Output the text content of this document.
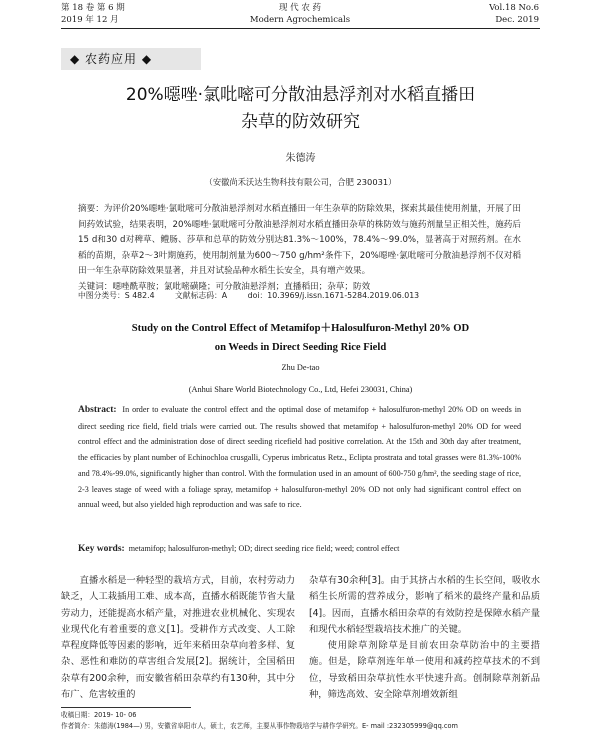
第 18 卷 第 6 期
2019 年 12 月
现 代 农 药
Modern Agrochemicals
Vol.18 No.6
Dec. 2019
◆ 农药应用 ◆
20%噁唑·氯吡嘧可分散油悬浮剂对水稻直播田
杂草的防效研究
朱德涛
（安徽尚禾沃达生物科技有限公司，合肥 230031）

摘要：为评价20%噁唑·氯吡嘧可分散油悬浮剂对水稻直播田一年生杂草的防除效果，探索其最佳使用剂量，开展了田间药效试验，结果表明，20%噁唑·氯吡嘧可分散油悬浮剂对水稻直播田杂草的株防效与施药剂量呈正相关性，施药后15 d和30 d对稗草、鳢肠、莎草和总草的防效分别达81.3%～100%，78.4%～99.0%，显著高于对照药剂。在水稻的苗期，杂草2～3叶期施药，使用制剂量为600～750 g/hm²条件下，20%噁唑·氯吡嘧可分散油悬浮剂不仅对稻田一年生杂草防除效果显著，并且对试验品种水稻生长安全，具有增产效果。

关键词：噁唑酰草胺；氯吡嘧磺隆；可分散油悬浮剂；直播稻田；杂草；防效

中图分类号：S 482.4	文献标志码：A	doi：10.3969/j.issn.1671-5284.2019.06.013
Study on the Control Effect of Metamifop＋Halosulfuron-Methyl 20% OD
on Weeds in Direct Seeding Rice Field
Zhu De-tao
(Anhui Share World Biotechnology Co., Ltd, Hefei 230031, China)
Abstract: In order to evaluate the control effect and the optimal dose of metamifop + halosulfuron-methyl 20% OD on weeds in direct seeding rice field, field trials were carried out. The results showed that metamifop + halosulfuron-methyl 20% OD for weed control effect and the administration dose of direct seeding ricefield had positive correlation. At the 15th and 30th day after treatment, the efficacies by plant number of Echinochloa crusgalli, Cyperus imbricatus Retz., Eclipta prostrata and total grasses were 81.3%-100% and 78.4%-99.0%, significantly higher than control. With the formulation used in an amount of 600-750 g/hm², the seeding stage of rice, 2-3 leaves stage of weed with a foliage spray, metamifop + halosulfuron-methyl 20% OD not only had significant control effect on annual weed, but also yielded high reproduction and was safe to rice.
Key words: metamifop; halosulfuron-methyl; OD; direct seeding rice field; weed; control effect

直播水稻是一种轻型的栽培方式，目前，农村劳动力缺乏，人工栽插用工难、成本高，直播水稻既能节省大量劳动力，还能提高水稻产量，对推进农业机械化、实现农业现代化有着重要的意义[1]。受耕作方式改变、人工除草程度降低等因素的影响，近年来稻田杂草向着多样、复杂、恶性和难防的草害组合发展[2]。据统计，全国稻田杂草有200余种，而安徽省稻田杂草约有130种，其中分布广、危害较重的

杂草有30余种[3]。由于其挤占水稻的生长空间，吸收水稻生长所需的营养成分，影响了稻米的最终产量和品质[4]。因而，直播水稻田杂草的有效防控是保障水稻产量和现代水稻轻型栽培技术推广的关键。

使用除草剂除草是目前农田杂草防治中的主要措施。但是，除草剂连年单一使用和减药控草技术的不到位，导致稻田杂草抗性水平快速升高。创制除草剂新品种，筛选高效、安全除草剂增效新组

收稿日期：2019- 10- 06
作者简介：朱德涛(1984—) 男，安徽省阜阳市人，硕士，农艺师，主要从事作物栽培学与耕作学研究。E- mail :232305999@qq.com
